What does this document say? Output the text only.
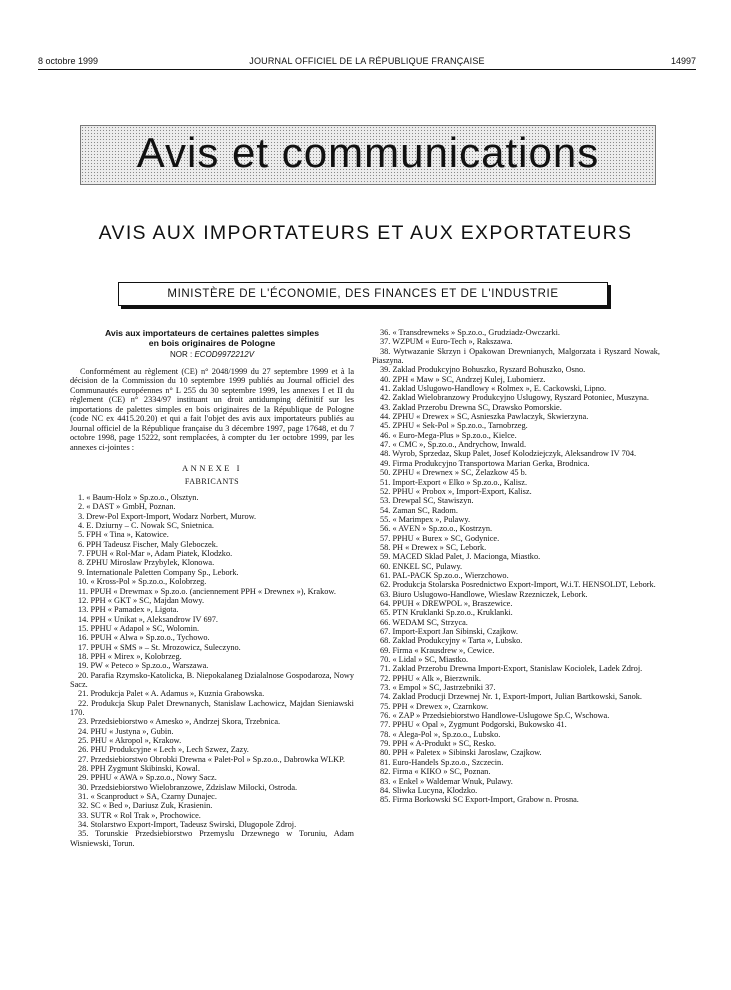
8 octobre 1999	JOURNAL OFFICIEL DE LA RÉPUBLIQUE FRANÇAISE	14997
Avis et communications
AVIS AUX IMPORTATEURS ET AUX EXPORTATEURS
MINISTÈRE DE L'ÉCONOMIE, DES FINANCES ET DE L'INDUSTRIE

Avis aux importateurs de certaines palettes simples
en bois originaires de Pologne

NOR : ECOD9972212V

Conformément au règlement (CE) n° 2048/1999 du 27 septembre 1999 et à la décision de la Commission du 10 septembre 1999 publiés au Journal officiel des Communautés européennes n° L 255 du 30 septembre 1999, les annexes I et II du règlement (CE) n° 2334/97 instituant un droit antidumping définitif sur les importations de palettes simples en bois originaires de la République de Pologne (code NC ex 4415.20.20) et qui a fait l'objet des avis aux importateurs publiés au Journal officiel de la République française du 3 décembre 1997, page 17648, et du 7 octobre 1998, page 15222, sont remplacées, à compter du 1er octobre 1999, par les annexes ci-jointes :

ANNEXE I

FABRICANTS

1. « Baum-Holz » Sp.zo.o., Olsztyn.
2. « DAST » GmbH, Poznan.
3. Drew-Pol Export-Import, Wodarz Norbert, Murow.
4. E. Dziurny – C. Nowak SC, Snietnica.
5. FPH « Tina », Katowice.
6. PPH Tadeusz Fischer, Maly Gleboczek.
7. FPUH « Rol-Mar », Adam Piatek, Klodzko.
8. ZPHU Miroslaw Przybylek, Klonowa.
9. Internationale Paletten Company Sp., Lebork.
10. « Kross-Pol » Sp.zo.o., Kolobrzeg.
11. PPUH « Drewmax » Sp.zo.o. (anciennement PPH « Drewnex »), Krakow.
12. PPH « GKT » SC, Majdan Mowy.
13. PPH « Pamadex », Ligota.
14. PPH « Unikat », Aleksandrow IV 697.
15. PPHU « Adapol » SC, Wolomin.
16. PPUH « Alwa » Sp.zo.o., Tychowo.
17. PPUH « SMS » – St. Mrozowicz, Suleczyno.
18. PPH « Mirex », Kolobrzeg.
19. PW « Peteco » Sp.zo.o., Warszawa.
20. Parafia Rzymsko-Katolicka, B. Niepokalaneg Dzialalnose Gospodaroza, Nowy Sacz.
21. Produkcja Palet « A. Adamus », Kuznia Grabowska.
22. Produkcja Skup Palet Drewnanych, Stanislaw Lachowicz, Majdan Sieniawski 170.
23. Przedsiebiorstwo « Amesko », Andrzej Skora, Trzebnica.
24. PHU « Justyna », Gubin.
25. PHU « Akropol », Krakow.
26. PHU Produkcyjne « Lech », Lech Szwez, Zazy.
27. Przedsiebiorstwo Obrobki Drewna « Palet-Pol » Sp.zo.o., Dabrowka WLKP.
28. PPH Zygmunt Skibinski, Kowal.
29. PPHU « AWA » Sp.zo.o., Nowy Sacz.
30. Przedsiebiorstwo Wielobranzowe, Zdzislaw Milocki, Ostroda.
31. « Scanproduct » SA, Czarny Dunajec.
32. SC « Bed », Dariusz Zuk, Krasienin.
33. SUTR « Rol Trak », Prochowice.
34. Stolarstwo Export-Import, Tadeusz Swirski, Dlugopole Zdroj.
35. Torunskie Przedsiebiorstwo Przemyslu Drzewnego w Toruniu, Adam Wisniewski, Torun.
36. « Transdrewneks » Sp.zo.o., Grudziadz-Owczarki.
37. WZPUM « Euro-Tech », Rakszawa.
38. Wytwazanie Skrzyn i Opakowan Drewnianych, Malgorzata i Ryszard Nowak, Piaszyna.
39. Zaklad Produkcyjno Bohuszko, Ryszard Bohuszko, Osno.
40. ZPH « Maw » SC, Andrzej Kulej, Lubomierz.
41. Zaklad Uslugowo-Handlowy « Rolmex », E. Cackowski, Lipno.
42. Zaklad Wielobranzowy Produkcyjno Uslugowy, Ryszard Potoniec, Muszyna.
43. Zaklad Przerobu Drewna SC, Drawsko Pomorskie.
44. ZPHU « Drewex » SC, Asnieszka Pawlaczyk, Skwierzyna.
45. ZPHU « Sek-Pol » Sp.zo.o., Tarnobrzeg.
46. « Euro-Mega-Plus » Sp.zo.o., Kielce.
47. « CMC », Sp.zo.o., Andrychow, Inwald.
48. Wyrob, Sprzedaz, Skup Palet, Josef Kolodziejczyk, Aleksandrow IV 704.
49. Firma Produkcyjno Transportowa Marian Gerka, Brodnica.
50. ZPHU « Drewnex » SC, Zelazkow 45 b.
51. Import-Export « Elko » Sp.zo.o., Kalisz.
52. PPHU « Probox », Import-Export, Kalisz.
53. Drewpal SC, Stawiszyn.
54. Zaman SC, Radom.
55. « Marimpex », Pulawy.
56. « AVEN » Sp.zo.o., Kostrzyn.
57. PPHU « Burex » SC, Godynice.
58. PH « Drewex » SC, Lebork.
59. MACED Sklad Palet, J. Maciongа, Miastko.
60. ENKEL SC, Pulawy.
61. PAL-PACK Sp.zo.o., Wierzchowo.
62. Produkcja Stolarska Posrednictwo Export-Import, W.i.T. HENSOLDT, Lebork.
63. Biuro Uslugowo-Handlowe, Wieslaw Rzezniczek, Lebork.
64. PPUH « DREWPOL », Braszewice.
65. PTN Kruklanki Sp.zo.o., Kruklanki.
66. WEDAM SC, Strzyca.
67. Import-Export Jan Sibinski, Czajkow.
68. Zaklad Produkcyjny « Tarta », Lubsko.
69. Firma « Krausdrew », Cewice.
70. « Lidal » SC, Miastko.
71. Zaklad Przerobu Drewna Import-Export, Stanislaw Kociolek, Ladek Zdroj.
72. PPHU « Alk », Bierzwnik.
73. « Empol » SC, Jastrzebniki 37.
74. Zaklad Producji Drzewnej Nr. 1, Export-Import, Julian Bartkowski, Sanok.
75. PPH « Drewex », Czarnkow.
76. « ZAP » Przedsiebiorstwo Handlowe-Uslugowe Sp.C, Wschowa.
77. PPHU « Opal », Zygmunt Podgorski, Bukowsko 41.
78. « Alega-Pol », Sp.zo.o., Lubsko.
79. PPH « A-Produkt » SC, Resko.
80. PPH « Paletex » Sibinski Jaroslaw, Czajkow.
81. Euro-Handels Sp.zo.o., Szczecin.
82. Firma « KIKO » SC, Poznan.
83. « Enkel » Waldemar Wnuk, Pulawy.
84. Sliwka Lucyna, Klodzko.
85. Firma Borkowski SC Export-Import, Grabow n. Prosna.
